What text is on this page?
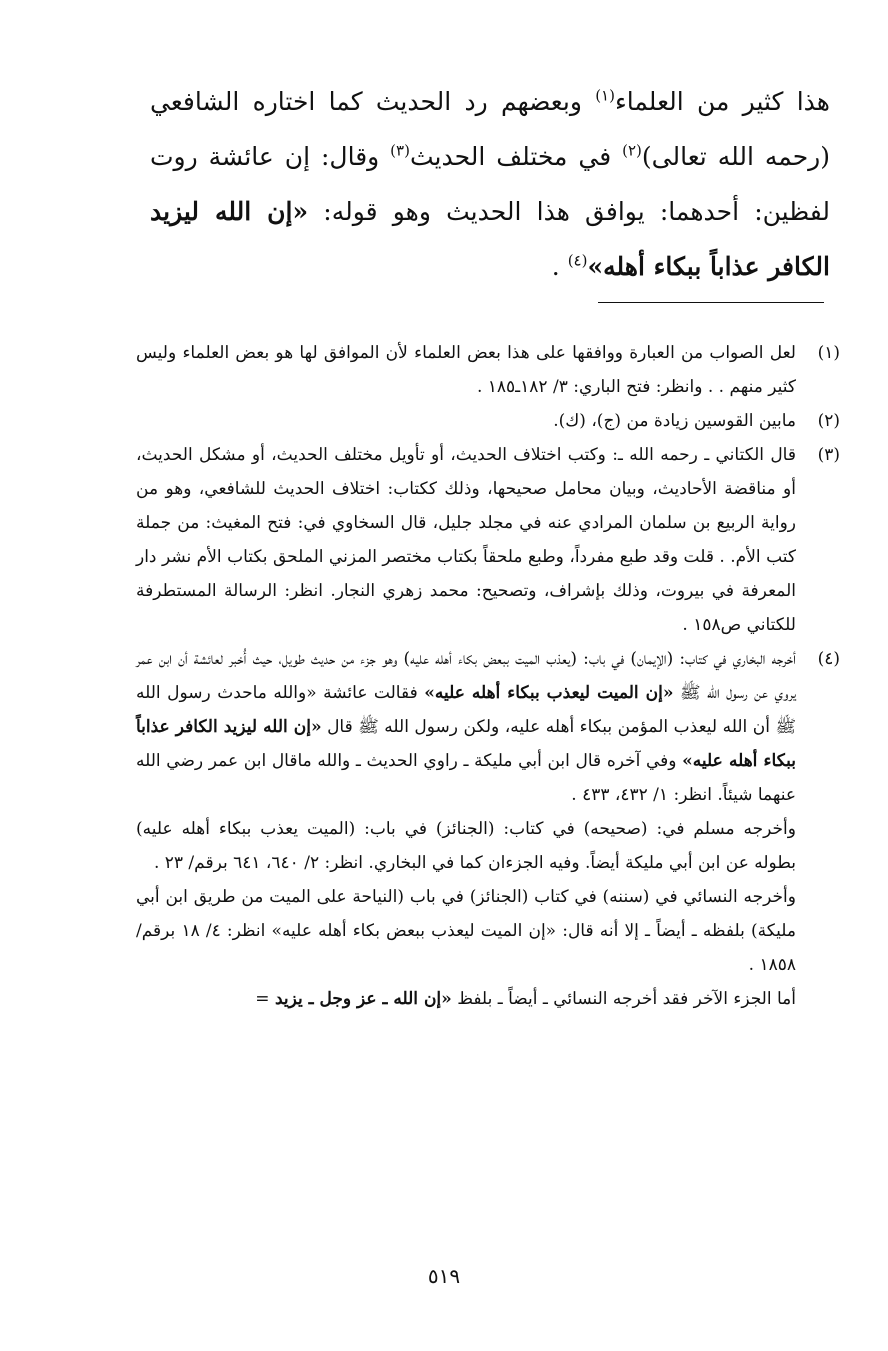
هذا كثير من العلماء$^{(١)}$ وبعضهم رد الحديث كما اختاره الشافعي (رحمه الله تعالى)$^{(٢)}$ في مختلف الحديث$^{(٣)}$ وقال: إن عائشة روت لفظين: أحدهما: يوافق هذا الحديث وهو قوله: «إن الله ليزيد الكافر عذاباً ببكاء أهله»$^{(٤)}$ .

(١)

لعل الصواب من العبارة ووافقها على هذا بعض العلماء لأن الموافق لها هو بعض العلماء وليس كثير منهم . . وانظر: فتح الباري: ٣/ ١٨٢ـ١٨٥ .

(٢)

مابين القوسين زيادة من (ج)، (ك).

(٣)

قال الكتاني ـ رحمه الله ـ: وكتب اختلاف الحديث، أو تأويل مختلف الحديث، أو مشكل الحديث، أو مناقضة الأحاديث، وبيان محامل صحيحها، وذلك ككتاب: اختلاف الحديث للشافعي، وهو من رواية الربيع بن سلمان المرادي عنه في مجلد جليل، قال السخاوي في: فتح المغيث: من جملة كتب الأم. . قلت وقد طبع مفرداً، وطبع ملحقاً بكتاب مختصر المزني الملحق بكتاب الأم نشر دار المعرفة في بيروت، وذلك بإشراف، وتصحيح: محمد زهري النجار. انظر: الرسالة المستطرفة للكتاني ص١٥٨ .

(٤)

أخرجه البخاري في كتاب: (الإيمان) في باب: (يعذب الميت ببعض بكاء أهله عليه) وهو جزء من حديث طويل، حيث أُخبر لعائشة أن ابن عمر يروي عن رسول الله ﷺ «إن الميت ليعذب ببكاء أهله عليه» فقالت عائشة «والله ماحدث رسول الله ﷺ أن الله ليعذب المؤمن ببكاء أهله عليه، ولكن رسول الله ﷺ قال «إن الله ليزيد الكافر عذاباً ببكاء أهله عليه» وفي آخره قال ابن أبي مليكة ـ راوي الحديث ـ والله ماقال ابن عمر رضي الله عنهما شيئاً. انظر: ١/ ٤٣٢، ٤٣٣ .

وأخرجه مسلم في: (صحيحه) في كتاب: (الجنائز) في باب: (الميت يعذب ببكاء أهله عليه) بطوله عن ابن أبي مليكة أيضاً. وفيه الجزءان كما في البخاري. انظر: ٢/ ٦٤٠، ٦٤١ برقم/ ٢٣ .

وأخرجه النسائي في (سننه) في كتاب (الجنائز) في باب (النياحة على الميت من طريق ابن أبي مليكة) بلفظه ـ أيضاً ـ إلا أنه قال: «إن الميت ليعذب ببعض بكاء أهله عليه» انظر: ٤/ ١٨ برقم/١٨٥٨ .

أما الجزء الآخر فقد أخرجه النسائي ـ أيضاً ـ بلفظ «إن الله ـ عز وجل ـ يزيد =

٥١٩
